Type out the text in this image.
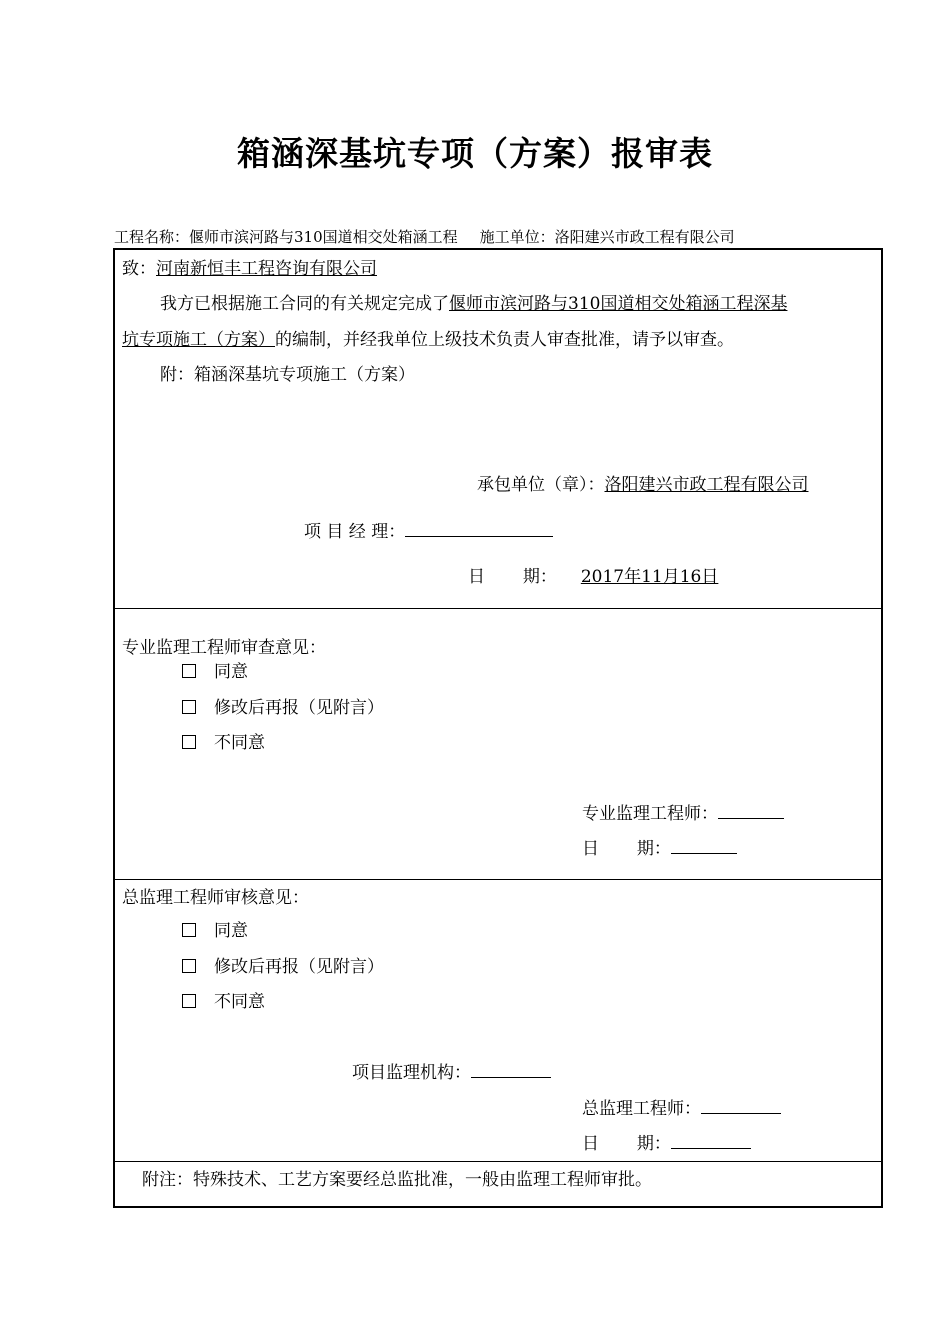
箱涵深基坑专项（方案）报审表
工程名称：偃师市滨河路与310国道相交处箱涵工程 施工单位：洛阳建兴市政工程有限公司
致：河南新恒丰工程咨询有限公司
我方已根据施工合同的有关规定完成了偃师市滨河路与310国道相交处箱涵工程深基
坑专项施工（方案）的编制，并经我单位上级技术负责人审查批准，请予以审查。
附：箱涵深基坑专项施工（方案）
承包单位（章）：洛阳建兴市政工程有限公司
项 目 经 理：
日       期： 2017年11月16日
专业监理工程师审查意见：
同意
修改后再报（见附言）
不同意
专业监理工程师：
日       期：
总监理工程师审核意见：
同意
修改后再报（见附言）
不同意
项目监理机构：
总监理工程师：
日       期：
附注：特殊技术、工艺方案要经总监批准，一般由监理工程师审批。
